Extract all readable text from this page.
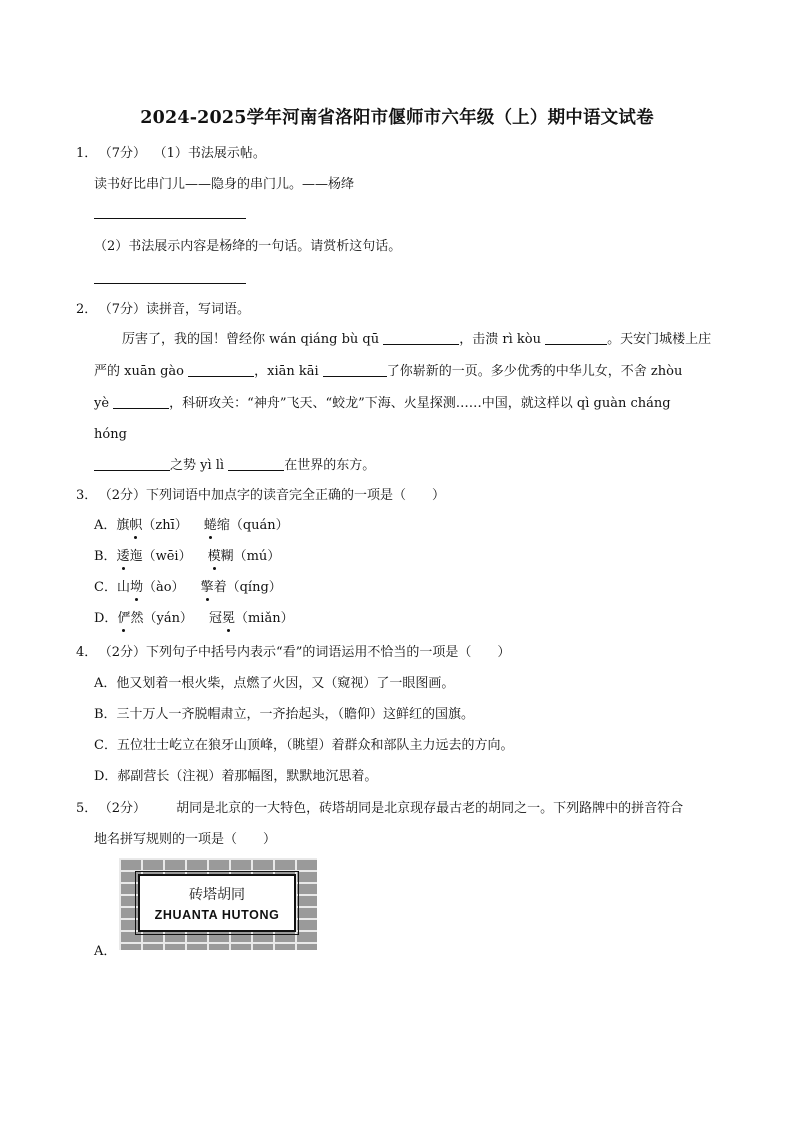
2024-2025学年河南省洛阳市偃师市六年级（上）期中语文试卷
1． （7分） （1）书法展示帖。
读书好比串门儿——隐身的串门儿。——杨绛
（2）书法展示内容是杨绛的一句话。请赏析这句话。
2． （7分）读拼音，写词语。
厉害了，我的国！曾经你 wán qiáng bù qū	，击溃 rì kòu	。天安门城楼上庄
严的 xuān gào	，xiān kāi	了你崭新的一页。多少优秀的中华儿女，不舍 zhòu
yè	，科研攻关：“神舟”飞天、“蛟龙”下海、火星探测……中国，就这样以 qì guàn cháng
hóng
之势 yì lì	在世界的东方。
3． （2分）下列词语中加点字的读音完全正确的一项是（　　）
A．旗帜（zhī） 蜷缩（quán）
B．逶迤（wēi） 模糊（mú）
C．山坳（ào） 擎着（qíng）
D．俨然（yán） 冠冕（miǎn）
4． （2分）下列句子中括号内表示“看”的词语运用不恰当的一项是（　　）
A．他又划着一根火柴，点燃了火因，又（窥视）了一眼图画。
B．三十万人一齐脱帽肃立，一齐抬起头，（瞻仰）这鲜红的国旗。
C．五位壮士屹立在狼牙山顶峰，（眺望）着群众和部队主力远去的方向。
D．郝副营长（注视）着那幅图，默默地沉思着。
5． （2分） 胡同是北京的一大特色，砖塔胡同是北京现存最古老的胡同之一。下列路牌中的拼音符合
地名拼写规则的一项是（　　）
砖塔胡同
ZHUANTA HUTONG
A．
